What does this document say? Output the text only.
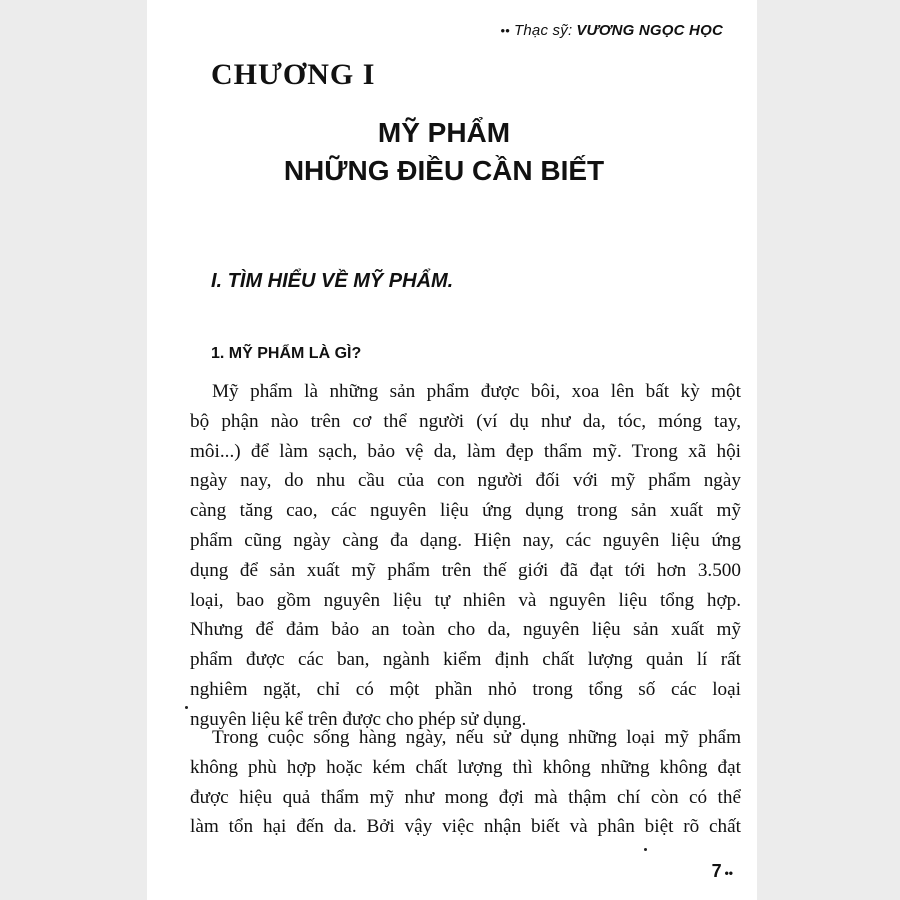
•• Thạc sỹ: VƯƠNG NGỌC HỌC
CHƯƠNG I
MỸ PHẨM
NHỮNG ĐIỀU CẦN BIẾT
I. TÌM HIỂU VỀ MỸ PHẨM.
1. MỸ PHẨM LÀ GÌ?

Mỹ phẩm là những sản phẩm được bôi, xoa lên bất kỳ một
bộ phận nào trên cơ thể người (ví dụ như da, tóc, móng tay,
môi...) để làm sạch, bảo vệ da, làm đẹp thẩm mỹ. Trong xã hội
ngày nay, do nhu cầu của con người đối với mỹ phẩm ngày
càng tăng cao, các nguyên liệu ứng dụng trong sản xuất mỹ
phẩm cũng ngày càng đa dạng. Hiện nay, các nguyên liệu ứng
dụng để sản xuất mỹ phẩm trên thế giới đã đạt tới hơn 3.500
loại, bao gồm nguyên liệu tự nhiên và nguyên liệu tổng hợp.
Nhưng để đảm bảo an toàn cho da, nguyên liệu sản xuất mỹ
phẩm được các ban, ngành kiểm định chất lượng quản lí rất
nghiêm ngặt, chỉ có một phần nhỏ trong tổng số các loại
nguyên liệu kể trên được cho phép sử dụng.

Trong cuộc sống hàng ngày, nếu sử dụng những loại mỹ phẩm
không phù hợp hoặc kém chất lượng thì không những không đạt
được hiệu quả thẩm mỹ như mong đợi mà thậm chí còn có thể
làm tổn hại đến da. Bởi vậy việc nhận biết và phân biệt rõ chất

7 ••
